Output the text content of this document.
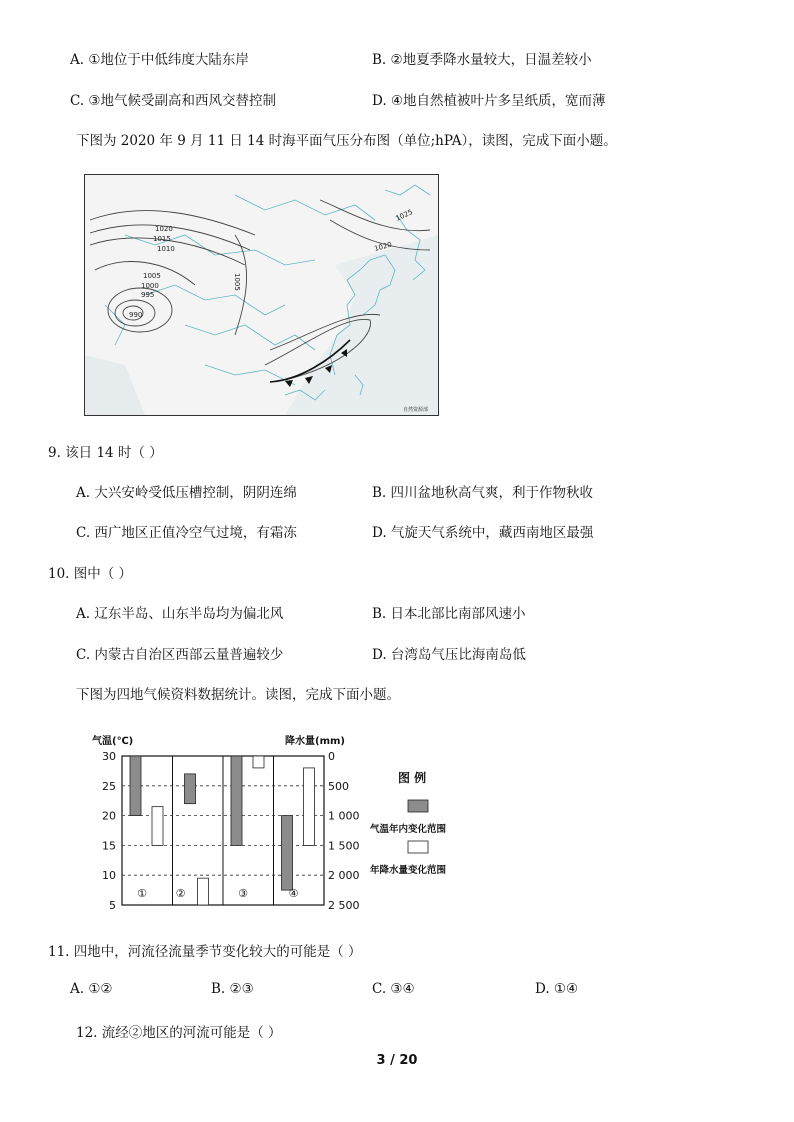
A. ①地位于中低纬度大陆东岸	B. ②地夏季降水量较大，日温差较小
C. ③地气候受副高和西风交替控制	D. ④地自然植被叶片多呈纸质，宽而薄
下图为 2020 年 9 月 11 日 14 时海平面气压分布图（单位;hPA），读图，完成下面小题。
1020
1015
1010
1005
1000
995
990
1005
1025
1020
自然资源部
9. 该日 14 时（ ）
A. 大兴安岭受低压槽控制，阴阴连绵	B. 四川盆地秋高气爽，利于作物秋收
C. 西广地区正值冷空气过境，有霜冻	D. 气旋天气系统中，藏西南地区最强
10. 图中（ ）
A. 辽东半岛、山东半岛均为偏北风	B. 日本北部比南部风速小
C. 内蒙古自治区西部云量普遍较少	D. 台湾岛气压比海南岛低
下图为四地气候资料数据统计。读图，完成下面小题。
气温(℃)	降水量(mm)
30
25
20
15
10
5
0
500
1 000
1 500
2 000
2 500
①	②	③	④
图 例
气温年内变化范围
年降水量变化范围
11. 四地中，河流径流量季节变化较大的可能是（ ）
A. ①②	B. ②③	C. ③④	D. ①④
12. 流经②地区的河流可能是（ ）
3 / 20
